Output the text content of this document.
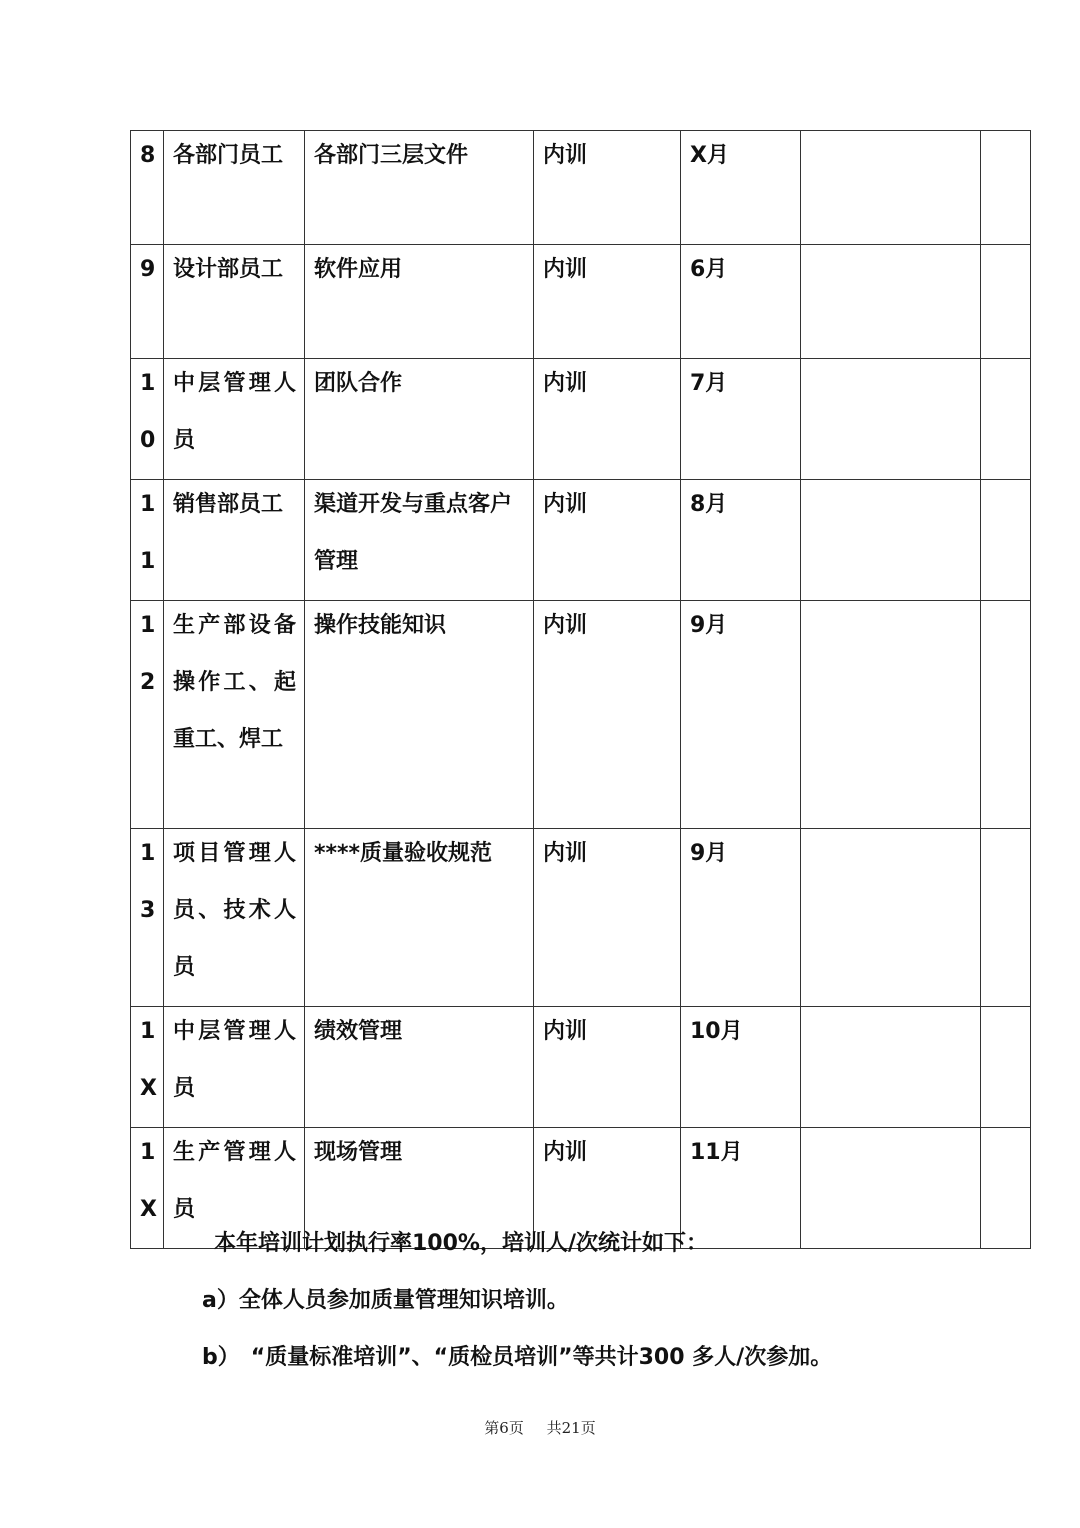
8	各部门员工	各部门三层文件	内训	X月		

9	设计部员工	软件应用	内训	6月		

10	中层管理人员	团队合作	内训	7月		

11	销售部员工	渠道开发与重点客户管理	内训	8月		

12	生产部设备操作工、起重工、焊工	操作技能知识	内训	9月		

13	项目管理人员、技术人员	****质量验收规范	内训	9月		

1X	中层管理人员	绩效管理	内训	10月		

1X	生产管理人员	现场管理	内训	11月		

本年培训计划执行率100%，培训人/次统计如下：
a）全体人员参加质量管理知识培训。
b）　“质量标准培训”、“质检员培训”等共计300 多人/次参加。
第6页 共21页
